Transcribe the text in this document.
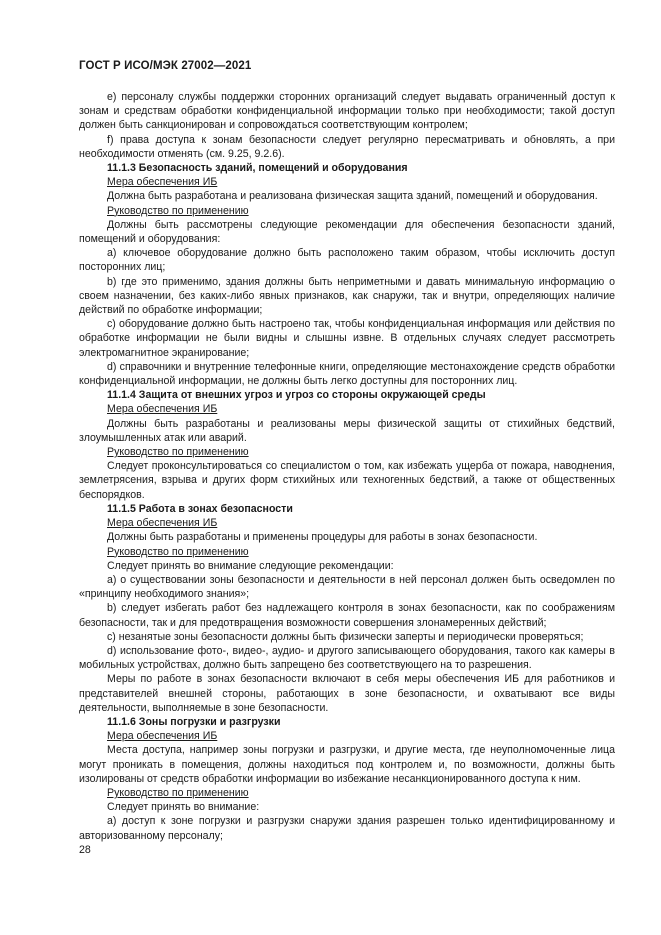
ГОСТ Р ИСО/МЭК 27002—2021

e) персоналу службы поддержки сторонних организаций следует выдавать ограниченный доступ к зонам и средствам обработки конфиденциальной информации только при необходимости; такой доступ должен быть санкционирован и сопровождаться соответствующим контролем;

f) права доступа к зонам безопасности следует регулярно пересматривать и обновлять, а при необходимости отменять (см. 9.25, 9.2.6).

11.1.3 Безопасность зданий, помещений и оборудования

Мера обеспечения ИБ

Должна быть разработана и реализована физическая защита зданий, помещений и оборудования.

Руководство по применению

Должны быть рассмотрены следующие рекомендации для обеспечения безопасности зданий, помещений и оборудования:

a) ключевое оборудование должно быть расположено таким образом, чтобы исключить доступ посторонних лиц;

b) где это применимо, здания должны быть неприметными и давать минимальную информацию о своем назначении, без каких-либо явных признаков, как снаружи, так и внутри, определяющих наличие действий по обработке информации;

c) оборудование должно быть настроено так, чтобы конфиденциальная информация или действия по обработке информации не были видны и слышны извне. В отдельных случаях следует рассмотреть электромагнитное экранирование;

d) справочники и внутренние телефонные книги, определяющие местонахождение средств обработки конфиденциальной информации, не должны быть легко доступны для посторонних лиц.

11.1.4 Защита от внешних угроз и угроз со стороны окружающей среды

Мера обеспечения ИБ

Должны быть разработаны и реализованы меры физической защиты от стихийных бедствий, злоумышленных атак или аварий.

Руководство по применению

Следует проконсультироваться со специалистом о том, как избежать ущерба от пожара, наводнения, землетрясения, взрыва и других форм стихийных или техногенных бедствий, а также от общественных беспорядков.

11.1.5 Работа в зонах безопасности

Мера обеспечения ИБ

Должны быть разработаны и применены процедуры для работы в зонах безопасности.

Руководство по применению

Следует принять во внимание следующие рекомендации:

a) о существовании зоны безопасности и деятельности в ней персонал должен быть осведомлен по «принципу необходимого знания»;

b) следует избегать работ без надлежащего контроля в зонах безопасности, как по соображениям безопасности, так и для предотвращения возможности совершения злонамеренных действий;

c) незанятые зоны безопасности должны быть физически заперты и периодически проверяться;

d) использование фото-, видео-, аудио- и другого записывающего оборудования, такого как камеры в мобильных устройствах, должно быть запрещено без соответствующего на то разрешения.

Меры по работе в зонах безопасности включают в себя меры обеспечения ИБ для работников и представителей внешней стороны, работающих в зоне безопасности, и охватывают все виды деятельности, выполняемые в зоне безопасности.

11.1.6 Зоны погрузки и разгрузки

Мера обеспечения ИБ

Места доступа, например зоны погрузки и разгрузки, и другие места, где неуполномоченные лица могут проникать в помещения, должны находиться под контролем и, по возможности, должны быть изолированы от средств обработки информации во избежание несанкционированного доступа к ним.

Руководство по применению

Следует принять во внимание:

a) доступ к зоне погрузки и разгрузки снаружи здания разрешен только идентифицированному и авторизованному персоналу;

28
